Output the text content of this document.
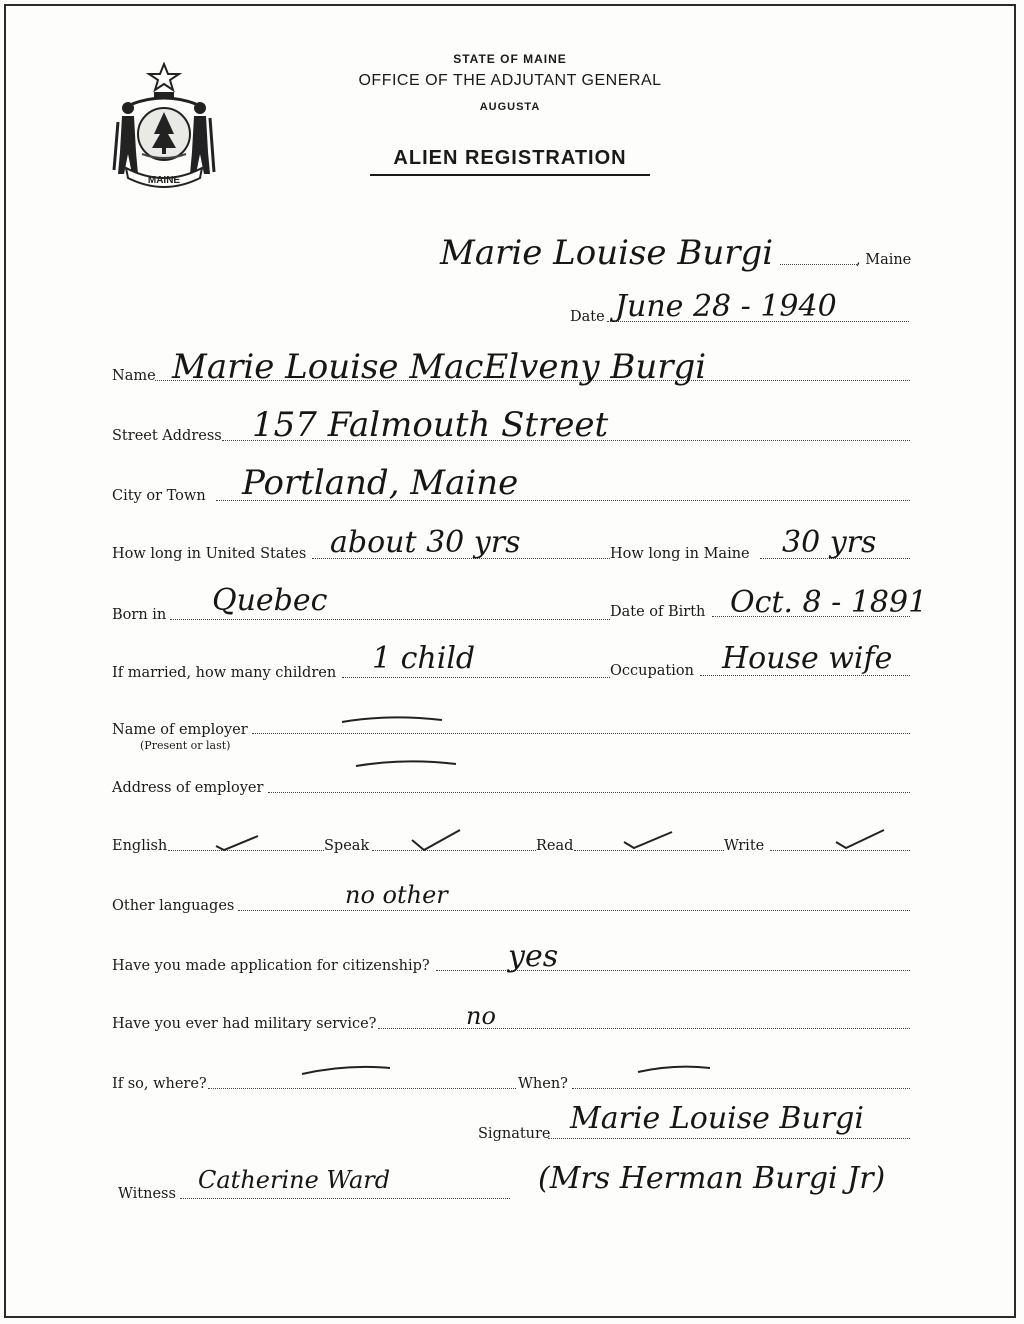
MAINE
STATE OF MAINE
OFFICE OF THE ADJUTANT GENERAL
AUGUSTA
ALIEN REGISTRATION
Marie Louise Burgi	, Maine
Date June 28 - 1940
Name Marie Louise MacElveny Burgi
Street Address 157 Falmouth Street
City or Town Portland, Maine
How long in United States about 30 yrs	How long in Maine 30 yrs
Born in Quebec	Date of Birth Oct. 8 - 1891
If married, how many children 1 child	Occupation House wife
Name of employer
(Present or last)
Address of employer
English	Speak	Read	Write
Other languages	no other
Have you made application for citizenship?	yes
Have you ever had military service?	no
If so, where?	When?
Signature Marie Louise Burgi
Witness Catherine Ward	(Mrs Herman Burgi Jr)
